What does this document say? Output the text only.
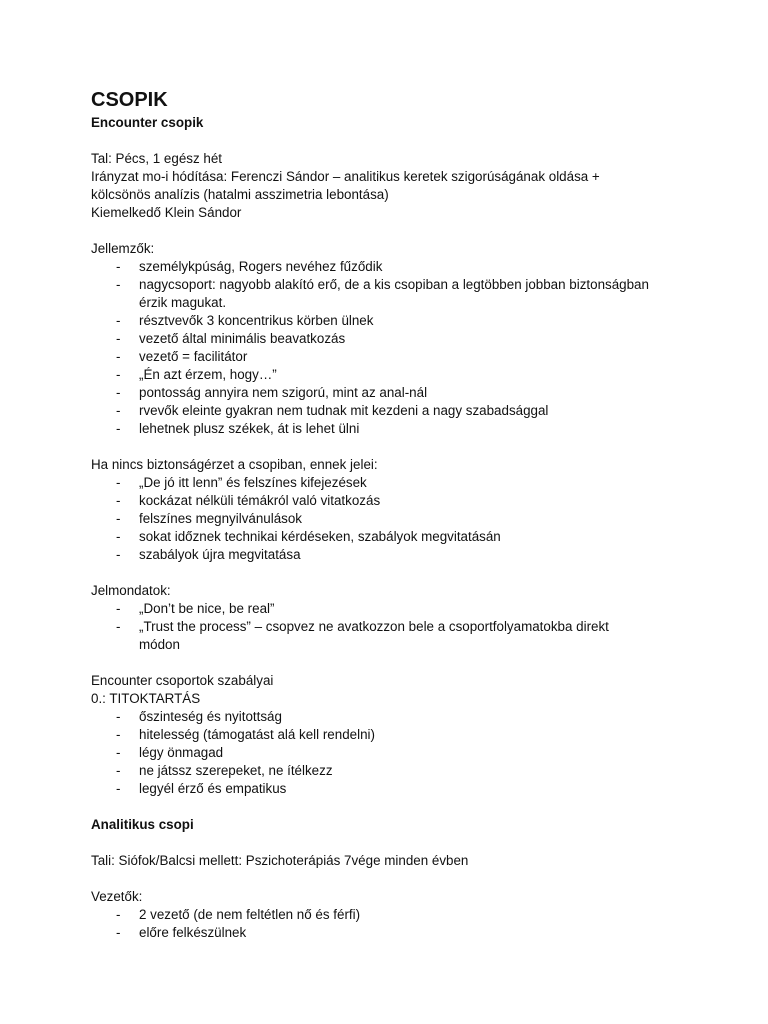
CSOPIK
Encounter csopik
Tal: Pécs, 1 egész hét
Irányzat mo-i hódítása: Ferenczi Sándor – analitikus keretek szigorúságának oldása +
kölcsönös analízis (hatalmi asszimetria lebontása)
Kiemelkedő Klein Sándor
Jellemzők:
- személykpúság, Rogers nevéhez fűződik
- nagycsoport: nagyobb alakító erő, de a kis csopiban a legtöbben jobban biztonságban
érzik magukat.
- résztvevők 3 koncentrikus körben ülnek
- vezető által minimális beavatkozás
- vezető = facilitátor
- „Én azt érzem, hogy…”
- pontosság annyira nem szigorú, mint az anal-nál
- rvevők eleinte gyakran nem tudnak mit kezdeni a nagy szabadsággal
- lehetnek plusz székek, át is lehet ülni
Ha nincs biztonságérzet a csopiban, ennek jelei:
- „De jó itt lenn” és felszínes kifejezések
- kockázat nélküli témákról való vitatkozás
- felszínes megnyilvánulások
- sokat időznek technikai kérdéseken, szabályok megvitatásán
- szabályok újra megvitatása
Jelmondatok:
- „Don’t be nice, be real”
- „Trust the process” – csopvez ne avatkozzon bele a csoportfolyamatokba direkt
módon
Encounter csoportok szabályai
0.: TITOKTARTÁS
- őszinteség és nyitottság
- hitelesség (támogatást alá kell rendelni)
- légy önmagad
- ne játssz szerepeket, ne ítélkezz
- legyél érző és empatikus
Analitikus csopi
Tali: Siófok/Balcsi mellett: Pszichoterápiás 7vége minden évben
Vezetők:
- 2 vezető (de nem feltétlen nő és férfi)
- előre felkészülnek
